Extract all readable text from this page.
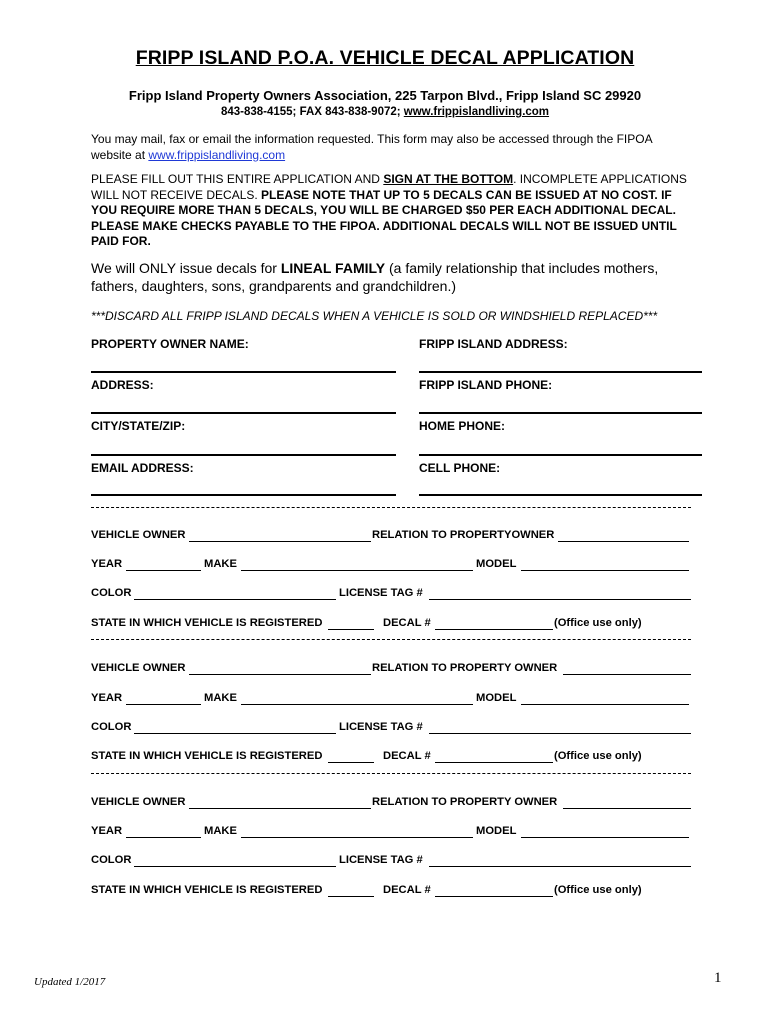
FRIPP ISLAND P.O.A. VEHICLE DECAL APPLICATION
Fripp Island Property Owners Association, 225 Tarpon Blvd., Fripp Island SC 29920
843-838-4155; FAX 843-838-9072; www.frippislandliving.com
You may mail, fax or email the information requested. This form may also be accessed through the FIPOA website at www.frippislandliving.com
PLEASE FILL OUT THIS ENTIRE APPLICATION AND SIGN AT THE BOTTOM. INCOMPLETE APPLICATIONS WILL NOT RECEIVE DECALS. PLEASE NOTE THAT UP TO 5 DECALS CAN BE ISSUED AT NO COST. IF YOU REQUIRE MORE THAN 5 DECALS, YOU WILL BE CHARGED $50 PER EACH ADDITIONAL DECAL. PLEASE MAKE CHECKS PAYABLE TO THE FIPOA. ADDITIONAL DECALS WILL NOT BE ISSUED UNTIL PAID FOR.
We will ONLY issue decals for LINEAL FAMILY (a family relationship that includes mothers, fathers, daughters, sons, grandparents and grandchildren.)
***DISCARD ALL FRIPP ISLAND DECALS WHEN A VEHICLE IS SOLD OR WINDSHIELD REPLACED***
PROPERTY OWNER NAME:	FRIPP ISLAND ADDRESS:
ADDRESS:	FRIPP ISLAND PHONE:
CITY/STATE/ZIP:	HOME PHONE:
EMAIL ADDRESS:	CELL PHONE:
VEHICLE OWNER	RELATION TO PROPERTYOWNER
YEAR	MAKE	MODEL
COLOR	LICENSE TAG #
STATE IN WHICH VEHICLE IS REGISTERED	DECAL #	(Office use only)
VEHICLE OWNER	RELATION TO PROPERTY OWNER
YEAR	MAKE	MODEL
COLOR	LICENSE TAG #
STATE IN WHICH VEHICLE IS REGISTERED	DECAL #	(Office use only)
VEHICLE OWNER	RELATION TO PROPERTY OWNER
YEAR	MAKE	MODEL
COLOR	LICENSE TAG #
STATE IN WHICH VEHICLE IS REGISTERED	DECAL #	(Office use only)
Updated 1/2017	1
